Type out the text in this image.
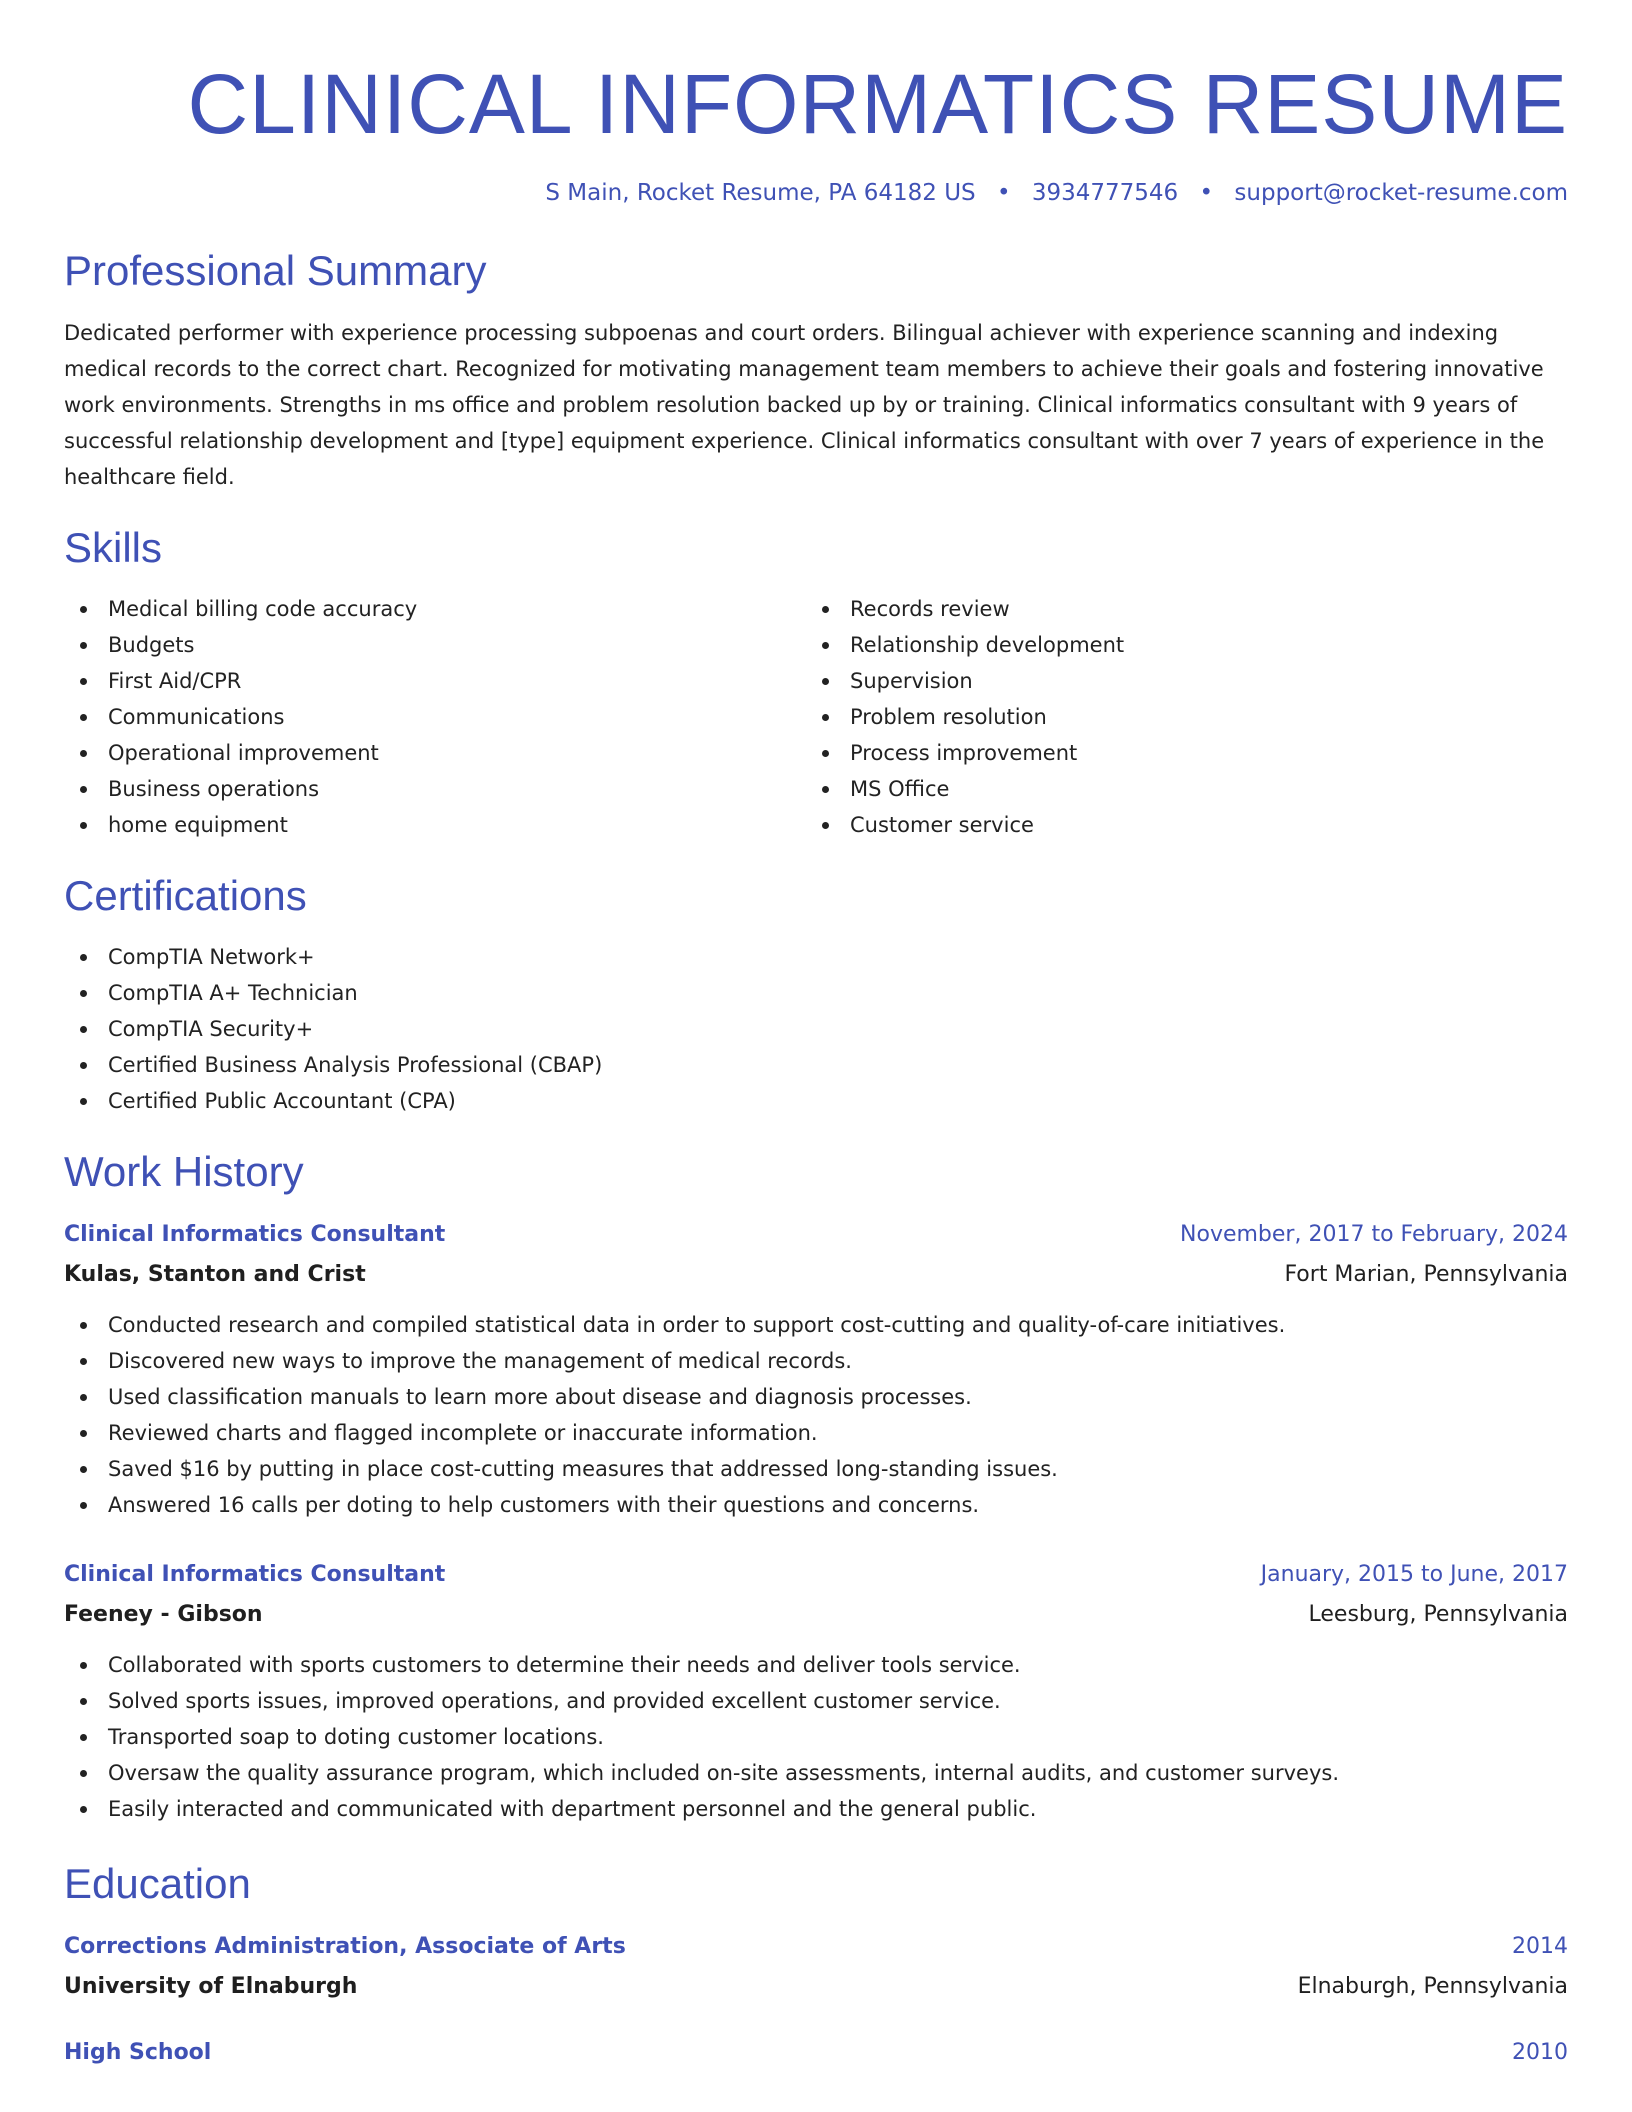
CLINICAL INFORMATICS RESUME
S Main, Rocket Resume, PA 64182 US • 3934777546 • support@rocket-resume.com
Professional Summary

Dedicated performer with experience processing subpoenas and court orders. Bilingual achiever with experience scanning and indexing medical records to the correct chart. Recognized for motivating management team members to achieve their goals and fostering innovative work environments. Strengths in ms office and problem resolution backed up by or training. Clinical informatics consultant with 9 years of successful relationship development and [type] equipment experience. Clinical informatics consultant with over 7 years of experience in the healthcare field.

Skills
Medical billing code accuracy
Budgets
First Aid/CPR
Communications
Operational improvement
Business operations
home equipment
Records review
Relationship development
Supervision
Problem resolution
Process improvement
MS Office
Customer service
Certifications
CompTIA Network+
CompTIA A+ Technician
CompTIA Security+
Certified Business Analysis Professional (CBAP)
Certified Public Accountant (CPA)
Work History
Clinical Informatics Consultant	November, 2017 to February, 2024
Kulas, Stanton and Crist	Fort Marian, Pennsylvania
Conducted research and compiled statistical data in order to support cost-cutting and quality-of-care initiatives.
Discovered new ways to improve the management of medical records.
Used classification manuals to learn more about disease and diagnosis processes.
Reviewed charts and flagged incomplete or inaccurate information.
Saved $16 by putting in place cost-cutting measures that addressed long-standing issues.
Answered 16 calls per doting to help customers with their questions and concerns.
Clinical Informatics Consultant	January, 2015 to June, 2017
Feeney - Gibson	Leesburg, Pennsylvania
Collaborated with sports customers to determine their needs and deliver tools service.
Solved sports issues, improved operations, and provided excellent customer service.
Transported soap to doting customer locations.
Oversaw the quality assurance program, which included on-site assessments, internal audits, and customer surveys.
Easily interacted and communicated with department personnel and the general public.
Education
Corrections Administration, Associate of Arts	2014
University of Elnaburgh	Elnaburgh, Pennsylvania
High School	2010
